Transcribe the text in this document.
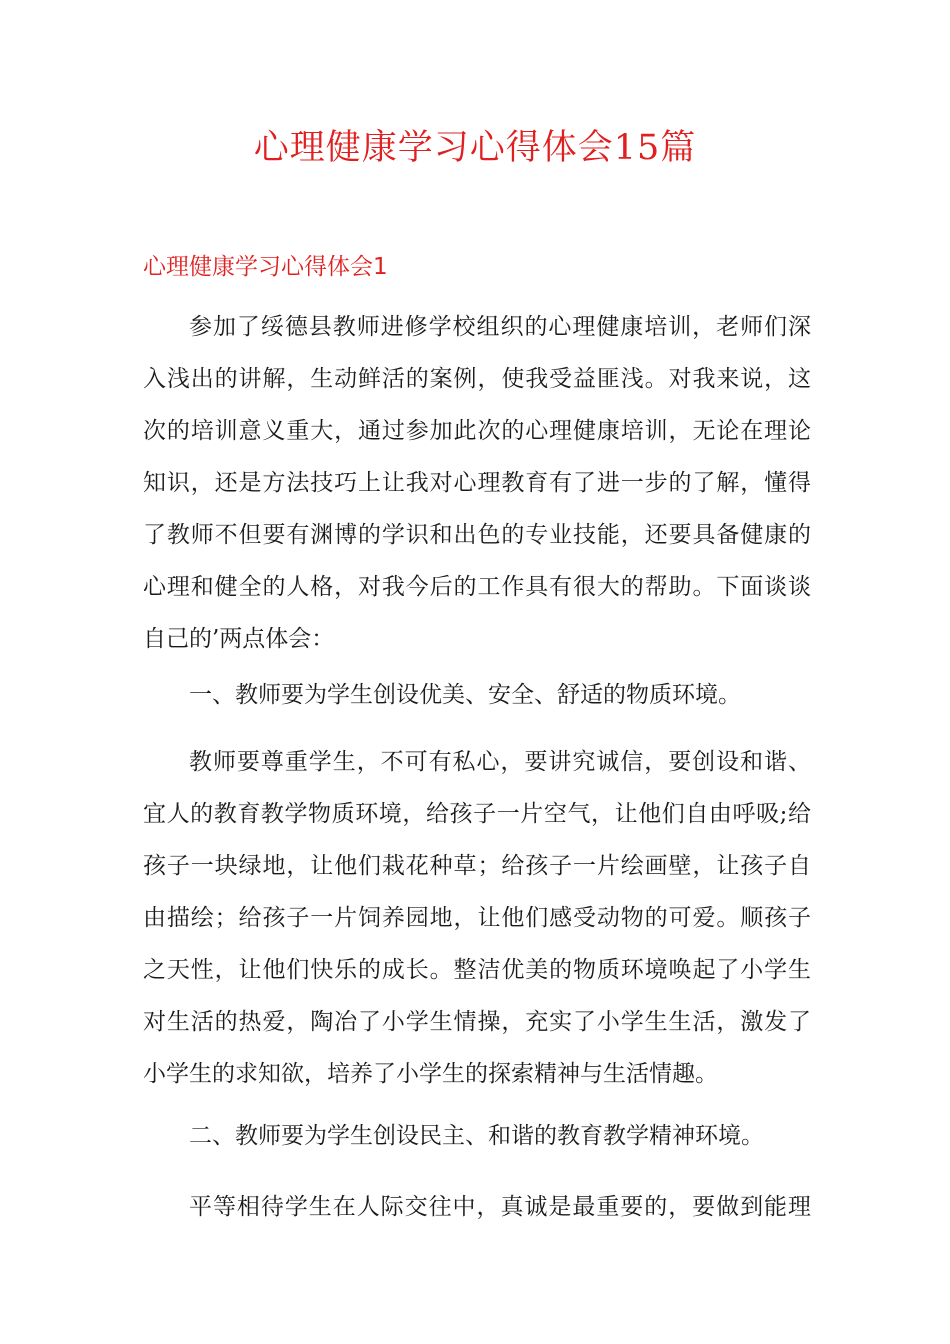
心理健康学习心得体会15篇
心理健康学习心得体会1
参加了绥德县教师进修学校组织的心理健康培训，老师们深
入浅出的讲解，生动鲜活的案例，使我受益匪浅。对我来说，这
次的培训意义重大，通过参加此次的心理健康培训，无论在理论
知识，还是方法技巧上让我对心理教育有了进一步的了解，懂得
了教师不但要有渊博的学识和出色的专业技能，还要具备健康的
心理和健全的人格，对我今后的工作具有很大的帮助。下面谈谈
自己的’两点体会：
一、教师要为学生创设优美、安全、舒适的物质环境。
教师要尊重学生，不可有私心，要讲究诚信，要创设和谐、
宜人的教育教学物质环境，给孩子一片空气，让他们自由呼吸;给
孩子一块绿地，让他们栽花种草；给孩子一片绘画壁，让孩子自
由描绘；给孩子一片饲养园地，让他们感受动物的可爱。顺孩子
之天性，让他们快乐的成长。整洁优美的物质环境唤起了小学生
对生活的热爱，陶冶了小学生情操，充实了小学生生活，激发了
小学生的求知欲，培养了小学生的探索精神与生活情趣。
二、教师要为学生创设民主、和谐的教育教学精神环境。
平等相待学生在人际交往中，真诚是最重要的，要做到能理
